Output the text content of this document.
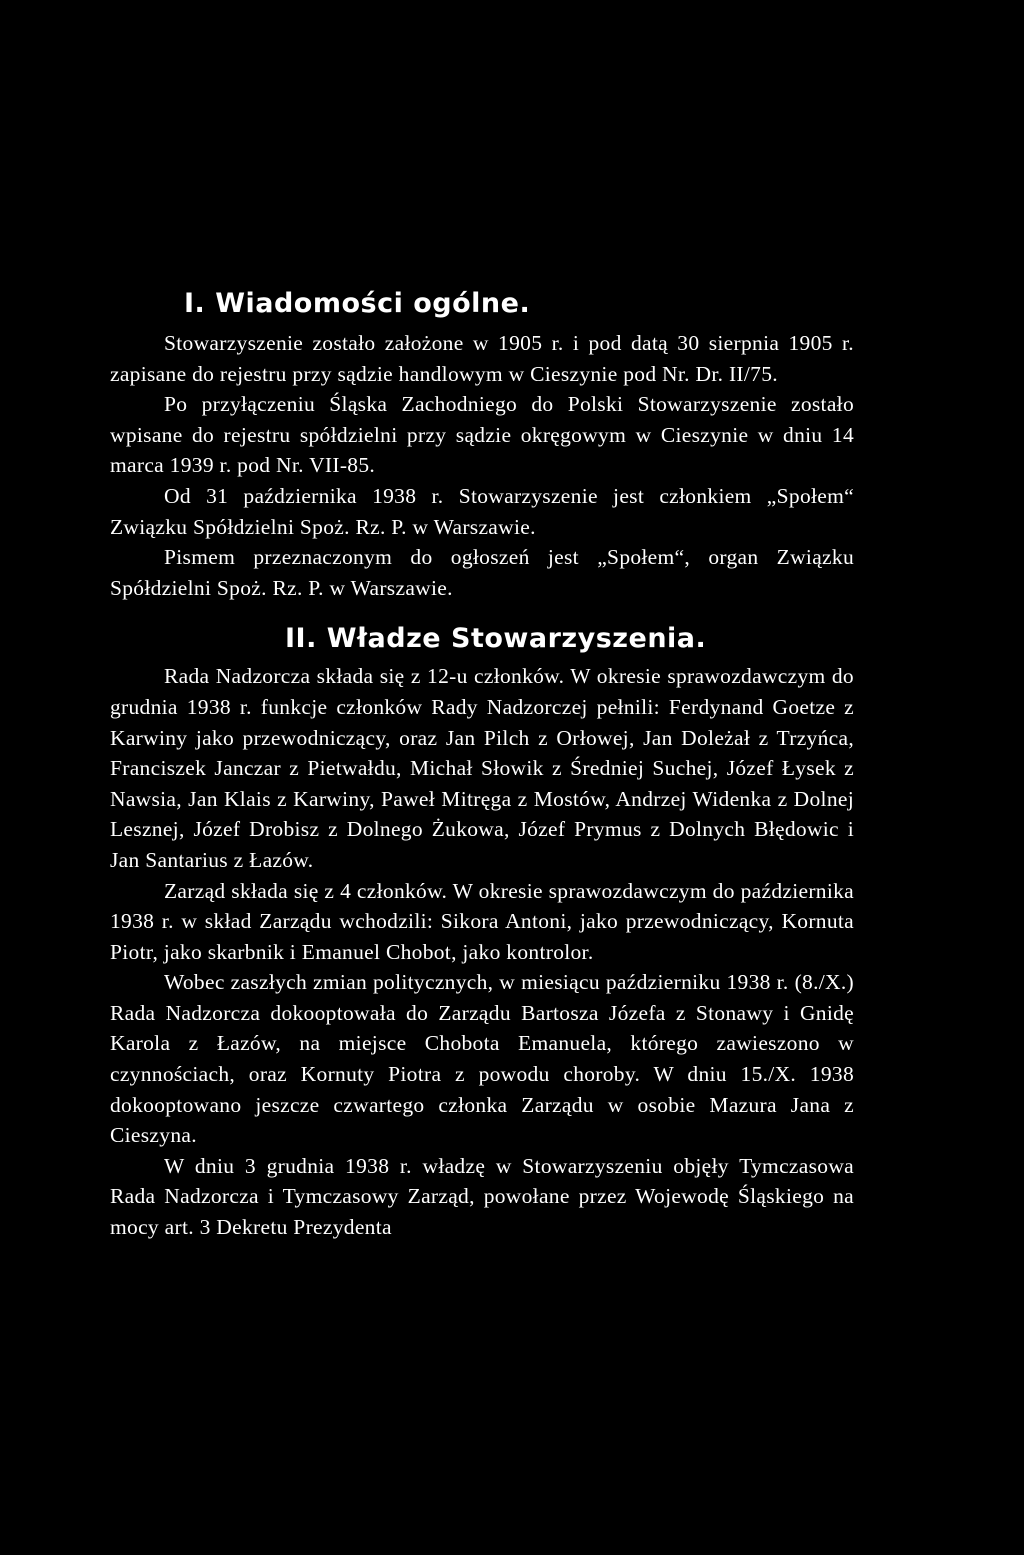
I. Wiadomości ogólne.

Stowarzyszenie zostało założone w 1905 r. i pod datą 30 sierpnia 1905 r. zapisane do rejestru przy sądzie handlowym w Cieszynie pod Nr. Dr. II/75.

Po przyłączeniu Śląska Zachodniego do Polski Stowarzyszenie zostało wpisane do rejestru spółdzielni przy sądzie okręgowym w Cieszynie w dniu 14 marca 1939 r. pod Nr. VII-85.

Od 31 października 1938 r. Stowarzyszenie jest członkiem „Społem“ Związku Spółdzielni Spoż. Rz. P. w Warszawie.

Pismem przeznaczonym do ogłoszeń jest „Społem“, organ Związku Spółdzielni Spoż. Rz. P. w Warszawie.

II. Władze Stowarzyszenia.

Rada Nadzorcza składa się z 12-u członków. W okresie sprawozdawczym do grudnia 1938 r. funkcje członków Rady Nadzorczej pełnili: Ferdynand Goetze z Karwiny jako przewodniczący, oraz Jan Pilch z Orłowej, Jan Doleżał z Trzyńca, Franciszek Janczar z Pietwałdu, Michał Słowik z Średniej Suchej, Józef Łysek z Nawsia, Jan Klais z Karwiny, Paweł Mitręga z Mostów, Andrzej Widenka z Dolnej Lesznej, Józef Drobisz z Dolnego Żukowa, Józef Prymus z Dolnych Błędowic i Jan Santarius z Łazów.

Zarząd składa się z 4 członków. W okresie sprawozdawczym do października 1938 r. w skład Zarządu wchodzili: Sikora Antoni, jako przewodniczący, Kornuta Piotr, jako skarbnik i Emanuel Chobot, jako kontrolor.

Wobec zaszłych zmian politycznych, w miesiącu październiku 1938 r. (8./X.) Rada Nadzorcza dokooptowała do Zarządu Bartosza Józefa z Stonawy i Gnidę Karola z Łazów, na miejsce Chobota Emanuela, którego zawieszono w czynnościach, oraz Kornuty Piotra z powodu choroby. W dniu 15./X. 1938 dokooptowano jeszcze czwartego członka Zarządu w osobie Mazura Jana z Cieszyna.

W dniu 3 grudnia 1938 r. władzę w Stowarzyszeniu objęły Tymczasowa Rada Nadzorcza i Tymczasowy Zarząd, powołane przez Wojewodę Śląskiego na mocy art. 3 Dekretu Prezydenta
